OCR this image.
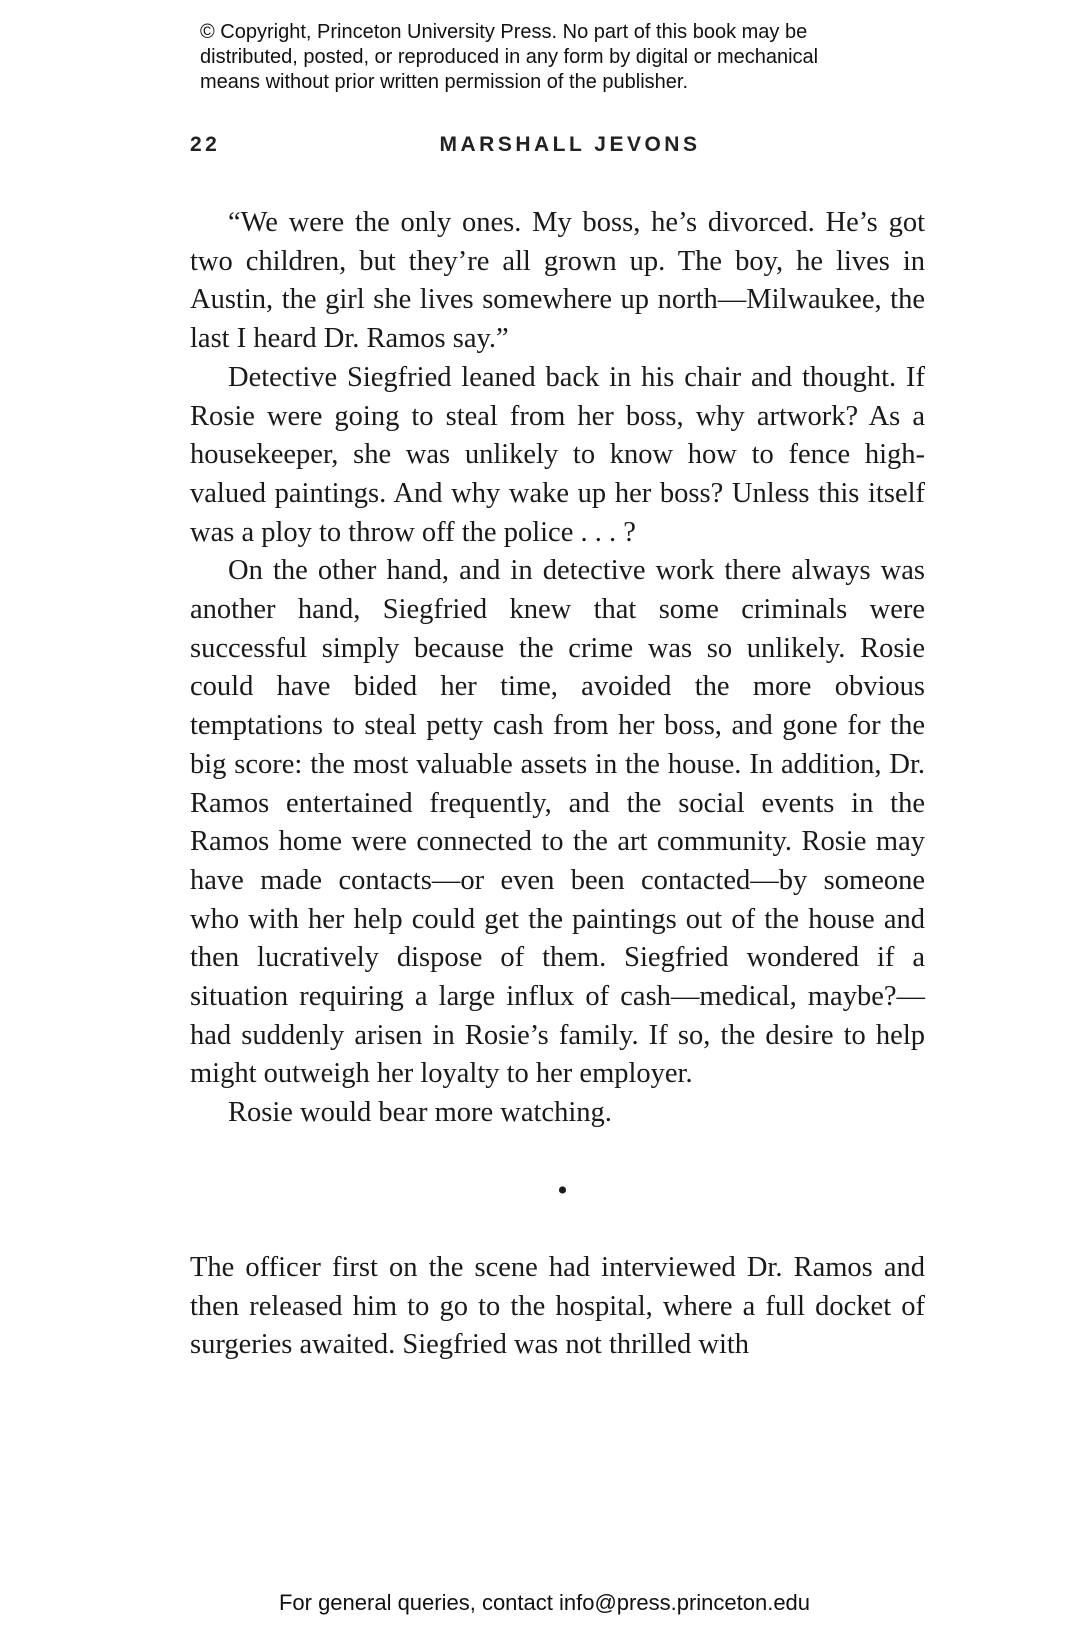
© Copyright, Princeton University Press. No part of this book may be
distributed, posted, or reproduced in any form by digital or mechanical
means without prior written permission of the publisher.
22	MARSHALL JEVONS

“We were the only ones. My boss, he’s divorced. He’s got two children, but they’re all grown up. The boy, he lives in Austin, the girl she lives somewhere up north—Milwaukee, the last I heard Dr. Ramos say.”

Detective Siegfried leaned back in his chair and thought. If Rosie were going to steal from her boss, why artwork? As a housekeeper, she was unlikely to know how to fence high-valued paintings. And why wake up her boss? Unless this itself was a ploy to throw off the police . . . ?

On the other hand, and in detective work there always was another hand, Siegfried knew that some criminals were successful simply because the crime was so unlikely. Rosie could have bided her time, avoided the more obvious temptations to steal petty cash from her boss, and gone for the big score: the most valuable assets in the house. In addition, Dr. Ramos entertained frequently, and the social events in the Ramos home were connected to the art community. Rosie may have made contacts—or even been contacted—by someone who with her help could get the paintings out of the house and then lucratively dispose of them. Siegfried wondered if a situation requiring a large influx of cash—medical, maybe?—had suddenly arisen in Rosie’s family. If so, the desire to help might outweigh her loyalty to her employer.

Rosie would bear more watching.

•

The officer first on the scene had interviewed Dr. Ramos and then released him to go to the hospital, where a full docket of surgeries awaited. Siegfried was not thrilled with

For general queries, contact info@press.princeton.edu
